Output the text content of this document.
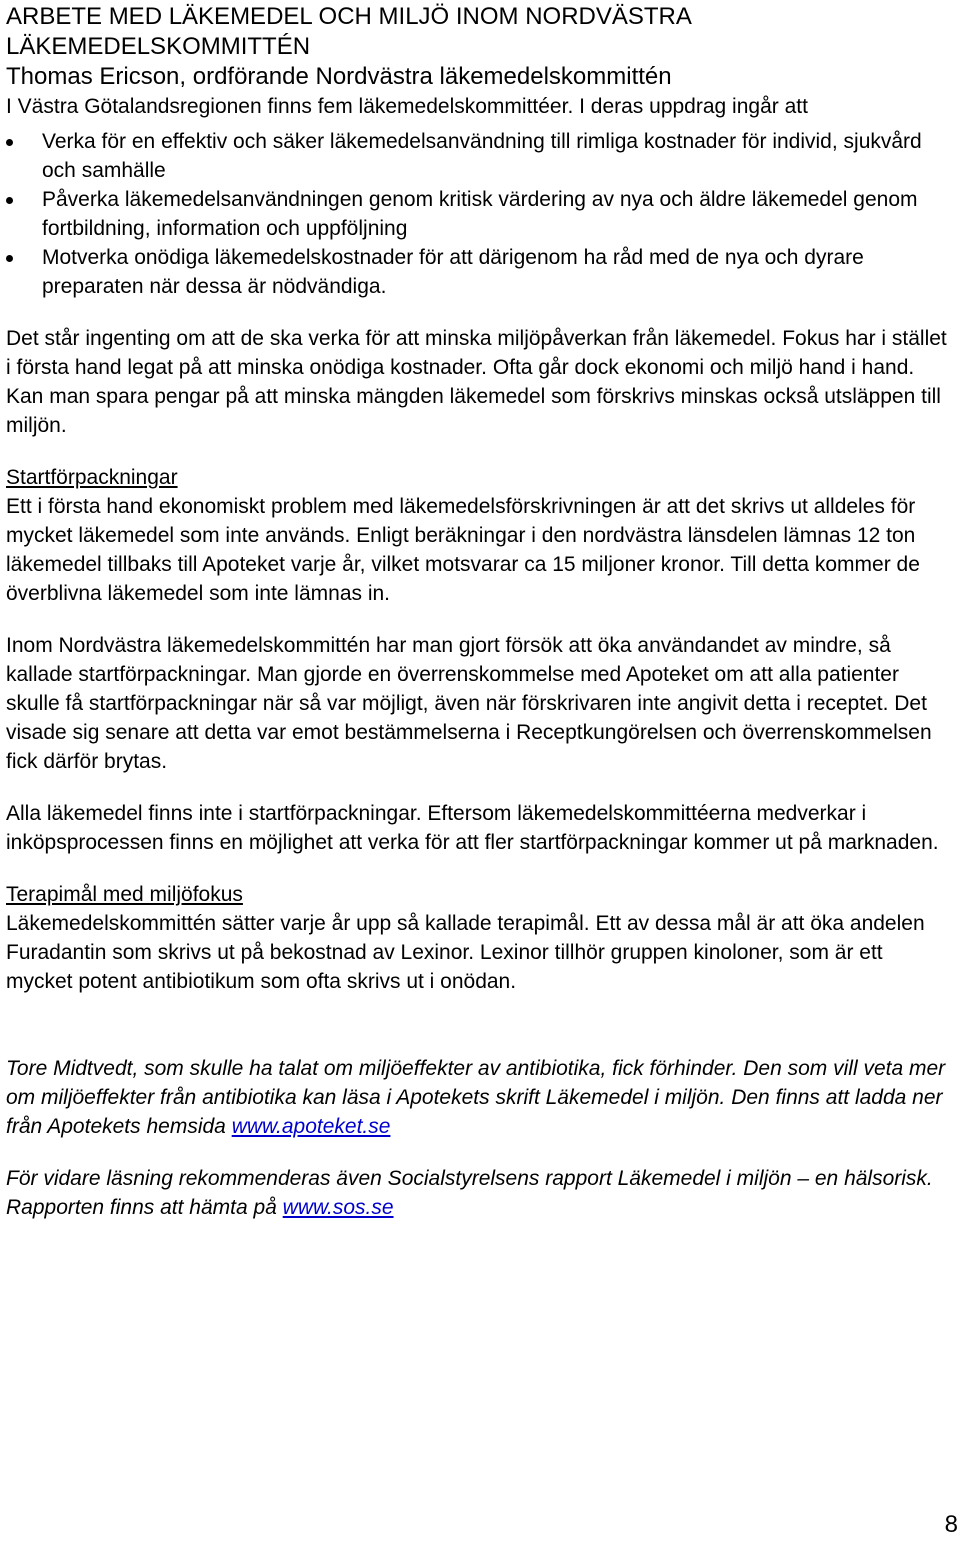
ARBETE MED LÄKEMEDEL OCH MILJÖ INOM NORDVÄSTRA
LÄKEMEDELSKOMMITTÉN
Thomas Ericson, ordförande Nordvästra läkemedelskommittén

I Västra Götalandsregionen finns fem läkemedelskommittéer. I deras uppdrag ingår att

Verka för en effektiv och säker läkemedelsanvändning till rimliga kostnader för individ, sjukvård och samhälle
Påverka läkemedelsanvändningen genom kritisk värdering av nya och äldre läkemedel genom fortbildning, information och uppföljning
Motverka onödiga läkemedelskostnader för att därigenom ha råd med de nya och dyrare preparaten när dessa är nödvändiga.

Det står ingenting om att de ska verka för att minska miljöpåverkan från läkemedel. Fokus har i stället i första hand legat på att minska onödiga kostnader. Ofta går dock ekonomi och miljö hand i hand. Kan man spara pengar på att minska mängden läkemedel som förskrivs minskas också utsläppen till miljön.

Startförpackningar

Ett i första hand ekonomiskt problem med läkemedelsförskrivningen är att det skrivs ut alldeles för mycket läkemedel som inte används. Enligt beräkningar i den nordvästra länsdelen lämnas 12 ton läkemedel tillbaks till Apoteket varje år, vilket motsvarar ca 15 miljoner kronor. Till detta kommer de överblivna läkemedel som inte lämnas in.

Inom Nordvästra läkemedelskommittén har man gjort försök att öka användandet av mindre, så kallade startförpackningar. Man gjorde en överrenskommelse med Apoteket om att alla patienter skulle få startförpackningar när så var möjligt, även när förskrivaren inte angivit detta i receptet. Det visade sig senare att detta var emot bestämmelserna i Receptkungörelsen och överrenskommelsen fick därför brytas.

Alla läkemedel finns inte i startförpackningar. Eftersom läkemedelskommittéerna medverkar i inköpsprocessen finns en möjlighet att verka för att fler startförpackningar kommer ut på marknaden.

Terapimål med miljöfokus

Läkemedelskommittén sätter varje år upp så kallade terapimål. Ett av dessa mål är att öka andelen Furadantin som skrivs ut på bekostnad av Lexinor. Lexinor tillhör gruppen kinoloner, som är ett mycket potent antibiotikum som ofta skrivs ut i onödan.

Tore Midtvedt, som skulle ha talat om miljöeffekter av antibiotika, fick förhinder. Den som vill veta mer om miljöeffekter från antibiotika kan läsa i Apotekets skrift Läkemedel i miljön. Den finns att ladda ner från Apotekets hemsida www.apoteket.se

För vidare läsning rekommenderas även Socialstyrelsens rapport Läkemedel i miljön – en hälsorisk. Rapporten finns att hämta på www.sos.se

8
